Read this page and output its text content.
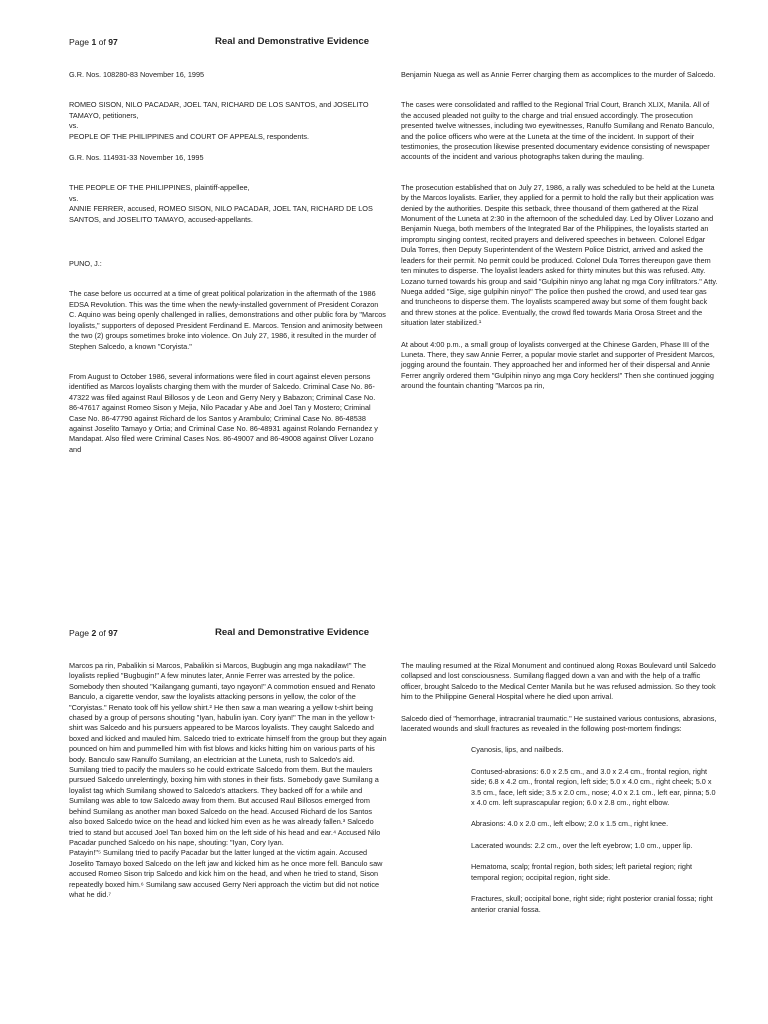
Page 1 of 97	Real and Demonstrative Evidence

G.R. Nos. 108280-83 November 16, 1995

ROMEO SISON, NILO PACADAR, JOEL TAN, RICHARD DE LOS SANTOS, and JOSELITO TAMAYO, petitioners,
vs.
PEOPLE OF THE PHILIPPINES and COURT OF APPEALS, respondents.

G.R. Nos. 114931-33 November 16, 1995

THE PEOPLE OF THE PHILIPPINES, plaintiff-appellee,
vs.
ANNIE FERRER, accused, ROMEO SISON, NILO PACADAR, JOEL TAN, RICHARD DE LOS SANTOS, and JOSELITO TAMAYO, accused-appellants.

PUNO, J.:

The case before us occurred at a time of great political polarization in the aftermath of the 1986 EDSA Revolution. This was the time when the newly-installed government of President Corazon C. Aquino was being openly challenged in rallies, demonstrations and other public fora by "Marcos loyalists," supporters of deposed President Ferdinand E. Marcos. Tension and animosity between the two (2) groups sometimes broke into violence. On July 27, 1986, it resulted in the murder of Stephen Salcedo, a known "Coryista."

From August to October 1986, several informations were filed in court against eleven persons identified as Marcos loyalists charging them with the murder of Salcedo. Criminal Case No. 86-47322 was filed against Raul Billosos y de Leon and Gerry Nery y Babazon; Criminal Case No. 86-47617 against Romeo Sison y Mejia, Nilo Pacadar y Abe and Joel Tan y Mostero; Criminal Case No. 86-47790 against Richard de los Santos y Arambulo; Criminal Case No. 86-48538 against Joselito Tamayo y Ortia; and Criminal Case No. 86-48931 against Rolando Fernandez y Mandapat. Also filed were Criminal Cases Nos. 86-49007 and 86-49008 against Oliver Lozano and

Benjamin Nuega as well as Annie Ferrer charging them as accomplices to the murder of Salcedo.

The cases were consolidated and raffled to the Regional Trial Court, Branch XLIX, Manila. All of the accused pleaded not guilty to the charge and trial ensued accordingly. The prosecution presented twelve witnesses, including two eyewitnesses, Ranulfo Sumilang and Renato Banculo, and the police officers who were at the Luneta at the time of the incident. In support of their testimonies, the prosecution likewise presented documentary evidence consisting of newspaper accounts of the incident and various photographs taken during the mauling.

The prosecution established that on July 27, 1986, a rally was scheduled to be held at the Luneta by the Marcos loyalists. Earlier, they applied for a permit to hold the rally but their application was denied by the authorities. Despite this setback, three thousand of them gathered at the Rizal Monument of the Luneta at 2:30 in the afternoon of the scheduled day. Led by Oliver Lozano and Benjamin Nuega, both members of the Integrated Bar of the Philippines, the loyalists started an impromptu singing contest, recited prayers and delivered speeches in between. Colonel Edgar Dula Torres, then Deputy Superintendent of the Western Police District, arrived and asked the leaders for their permit. No permit could be produced. Colonel Dula Torres thereupon gave them ten minutes to disperse. The loyalist leaders asked for thirty minutes but this was refused. Atty. Lozano turned towards his group and said "Gulpihin ninyo ang lahat ng mga Cory infiltrators." Atty. Nuega added "Sige, sige gulpihin ninyo!" The police then pushed the crowd, and used tear gas and truncheons to disperse them. The loyalists scampered away but some of them fought back and threw stones at the police. Eventually, the crowd fled towards Maria Orosa Street and the situation later stabilized.¹

At about 4:00 p.m., a small group of loyalists converged at the Chinese Garden, Phase III of the Luneta. There, they saw Annie Ferrer, a popular movie starlet and supporter of President Marcos, jogging around the fountain. They approached her and informed her of their dispersal and Annie Ferrer angrily ordered them "Gulpihin ninyo ang mga Cory hecklers!" Then she continued jogging around the fountain chanting "Marcos pa rin,

Page 2 of 97	Real and Demonstrative Evidence

Marcos pa rin, Pabalikin si Marcos, Pabalikin si Marcos, Bugbugin ang mga nakadilaw!" The loyalists replied "Bugbugin!" A few minutes later, Annie Ferrer was arrested by the police. Somebody then shouted "Kailangang gumanti, tayo ngayon!" A commotion ensued and Renato Banculo, a cigarette vendor, saw the loyalists attacking persons in yellow, the color of the "Coryistas." Renato took off his yellow shirt.² He then saw a man wearing a yellow t-shirt being chased by a group of persons shouting "Iyan, habulin iyan. Cory iyan!" The man in the yellow t-shirt was Salcedo and his pursuers appeared to be Marcos loyalists. They caught Salcedo and boxed and kicked and mauled him. Salcedo tried to extricate himself from the group but they again pounced on him and pummelled him with fist blows and kicks hitting him on various parts of his body. Banculo saw Ranulfo Sumilang, an electrician at the Luneta, rush to Salcedo's aid. Sumilang tried to pacify the maulers so he could extricate Salcedo from them. But the maulers pursued Salcedo unrelentingly, boxing him with stones in their fists. Somebody gave Sumilang a loyalist tag which Sumilang showed to Salcedo's attackers. They backed off for a while and Sumilang was able to tow Salcedo away from them. But accused Raul Billosos emerged from behind Sumilang as another man boxed Salcedo on the head. Accused Richard de los Santos also boxed Salcedo twice on the head and kicked him even as he was already fallen.³ Salcedo tried to stand but accused Joel Tan boxed him on the left side of his head and ear.⁴ Accused Nilo Pacadar punched Salcedo on his nape, shouting: "Iyan, Cory Iyan.
Patayin!"⁵ Sumilang tried to pacify Pacadar but the latter lunged at the victim again. Accused Joselito Tamayo boxed Salcedo on the left jaw and kicked him as he once more fell. Banculo saw accused Romeo Sison trip Salcedo and kick him on the head, and when he tried to stand, Sison repeatedly boxed him.⁶ Sumilang saw accused Gerry Neri approach the victim but did not notice what he did.⁷

The mauling resumed at the Rizal Monument and continued along Roxas Boulevard until Salcedo collapsed and lost consciousness. Sumilang flagged down a van and with the help of a traffic officer, brought Salcedo to the Medical Center Manila but he was refused admission. So they took him to the Philippine General Hospital where he died upon arrival.

Salcedo died of "hemorrhage, intracranial traumatic." He sustained various contusions, abrasions, lacerated wounds and skull fractures as revealed in the following post-mortem findings:

Cyanosis, lips, and nailbeds.

Contused-abrasions: 6.0 x 2.5 cm., and 3.0 x 2.4 cm., frontal region, right side; 6.8 x 4.2 cm., frontal region, left side; 5.0 x 4.0 cm., right cheek; 5.0 x 3.5 cm., face, left side; 3.5 x 2.0 cm., nose; 4.0 x 2.1 cm., left ear, pinna; 5.0 x 4.0 cm. left suprascapular region; 6.0 x 2.8 cm., right elbow.

Abrasions: 4.0 x 2.0 cm., left elbow; 2.0 x 1.5 cm., right knee.

Lacerated wounds: 2.2 cm., over the left eyebrow; 1.0 cm., upper lip.

Hematoma, scalp; frontal region, both sides; left parietal region; right temporal region; occipital region, right side.

Fractures, skull; occipital bone, right side; right posterior cranial fossa; right anterior cranial fossa.
